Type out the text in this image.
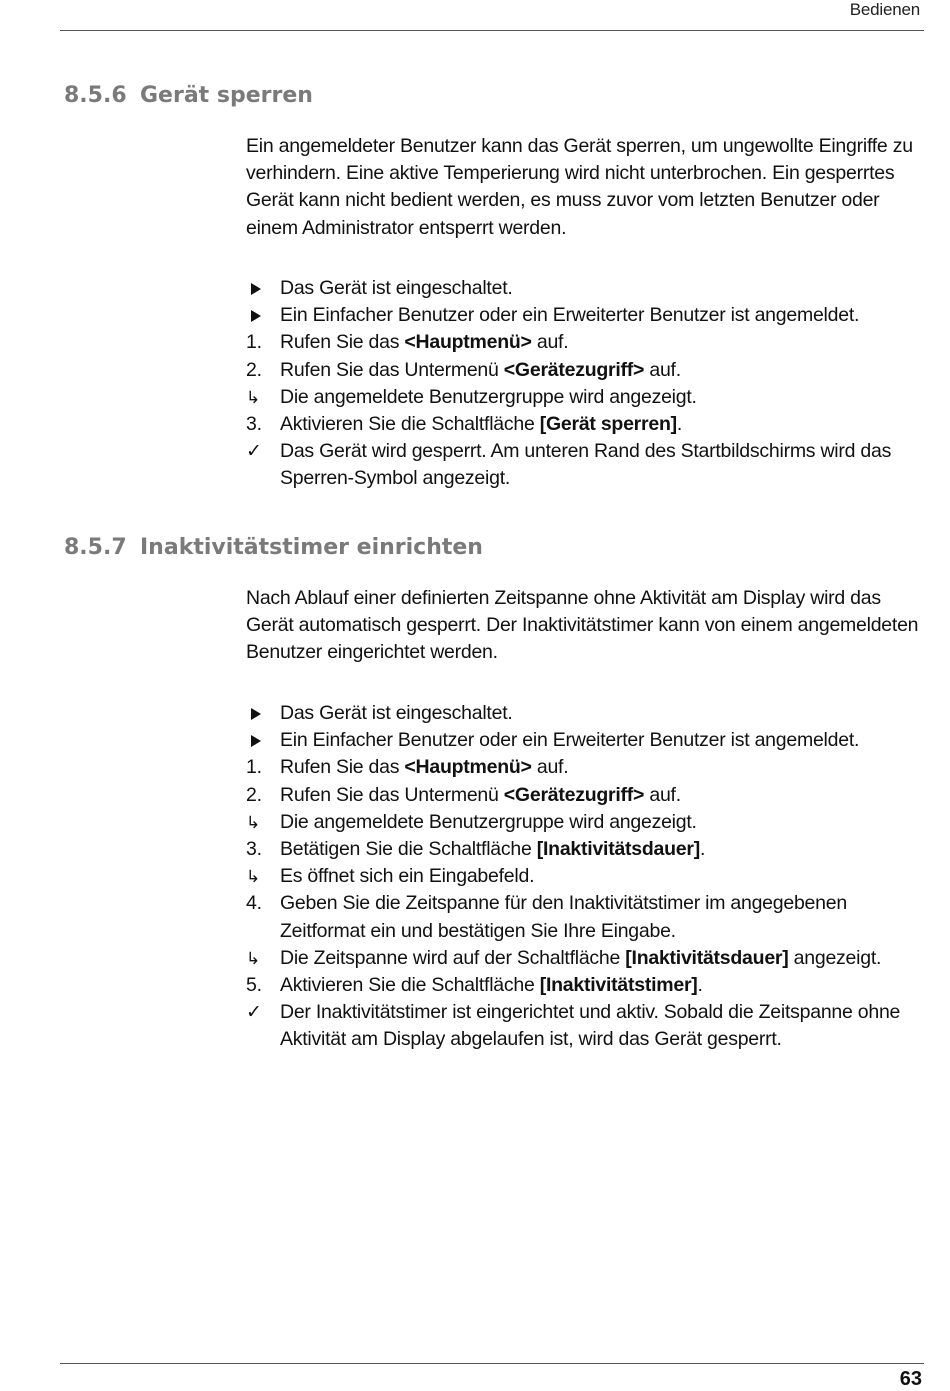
Bedienen
8.5.6 Gerät sperren

Ein angemeldeter Benutzer kann das Gerät sperren, um ungewollte Eingriffe zu verhindern. Eine aktive Temperierung wird nicht unterbrochen. Ein gesperrtes Gerät kann nicht bedient werden, es muss zuvor vom letzten Benutzer oder einem Administrator entsperrt werden.

Das Gerät ist eingeschaltet.
Ein Einfacher Benutzer oder ein Erweiterter Benutzer ist angemeldet.
1. Rufen Sie das <Hauptmenü> auf.
2. Rufen Sie das Untermenü <Gerätezugriff> auf.
↳	Die angemeldete Benutzergruppe wird angezeigt.
3. Aktivieren Sie die Schaltfläche [Gerät sperren].
✓ Das Gerät wird gesperrt. Am unteren Rand des Startbildschirms wird das Sperren-Symbol angezeigt.
8.5.7 Inaktivitätstimer einrichten

Nach Ablauf einer definierten Zeitspanne ohne Aktivität am Display wird das Gerät automatisch gesperrt. Der Inaktivitätstimer kann von einem angemeldeten Benutzer eingerichtet werden.

Das Gerät ist eingeschaltet.
Ein Einfacher Benutzer oder ein Erweiterter Benutzer ist angemeldet.
1. Rufen Sie das <Hauptmenü> auf.
2. Rufen Sie das Untermenü <Gerätezugriff> auf.
↳	Die angemeldete Benutzergruppe wird angezeigt.
3. Betätigen Sie die Schaltfläche [Inaktivitätsdauer].
↳	Es öffnet sich ein Eingabefeld.
4. Geben Sie die Zeitspanne für den Inaktivitätstimer im angegebenen Zeitformat ein und bestätigen Sie Ihre Eingabe.
↳	Die Zeitspanne wird auf der Schaltfläche [Inaktivitätsdauer] angezeigt.
5. Aktivieren Sie die Schaltfläche [Inaktivitätstimer].
✓ Der Inaktivitätstimer ist eingerichtet und aktiv. Sobald die Zeitspanne ohne Aktivität am Display abgelaufen ist, wird das Gerät gesperrt.
63
